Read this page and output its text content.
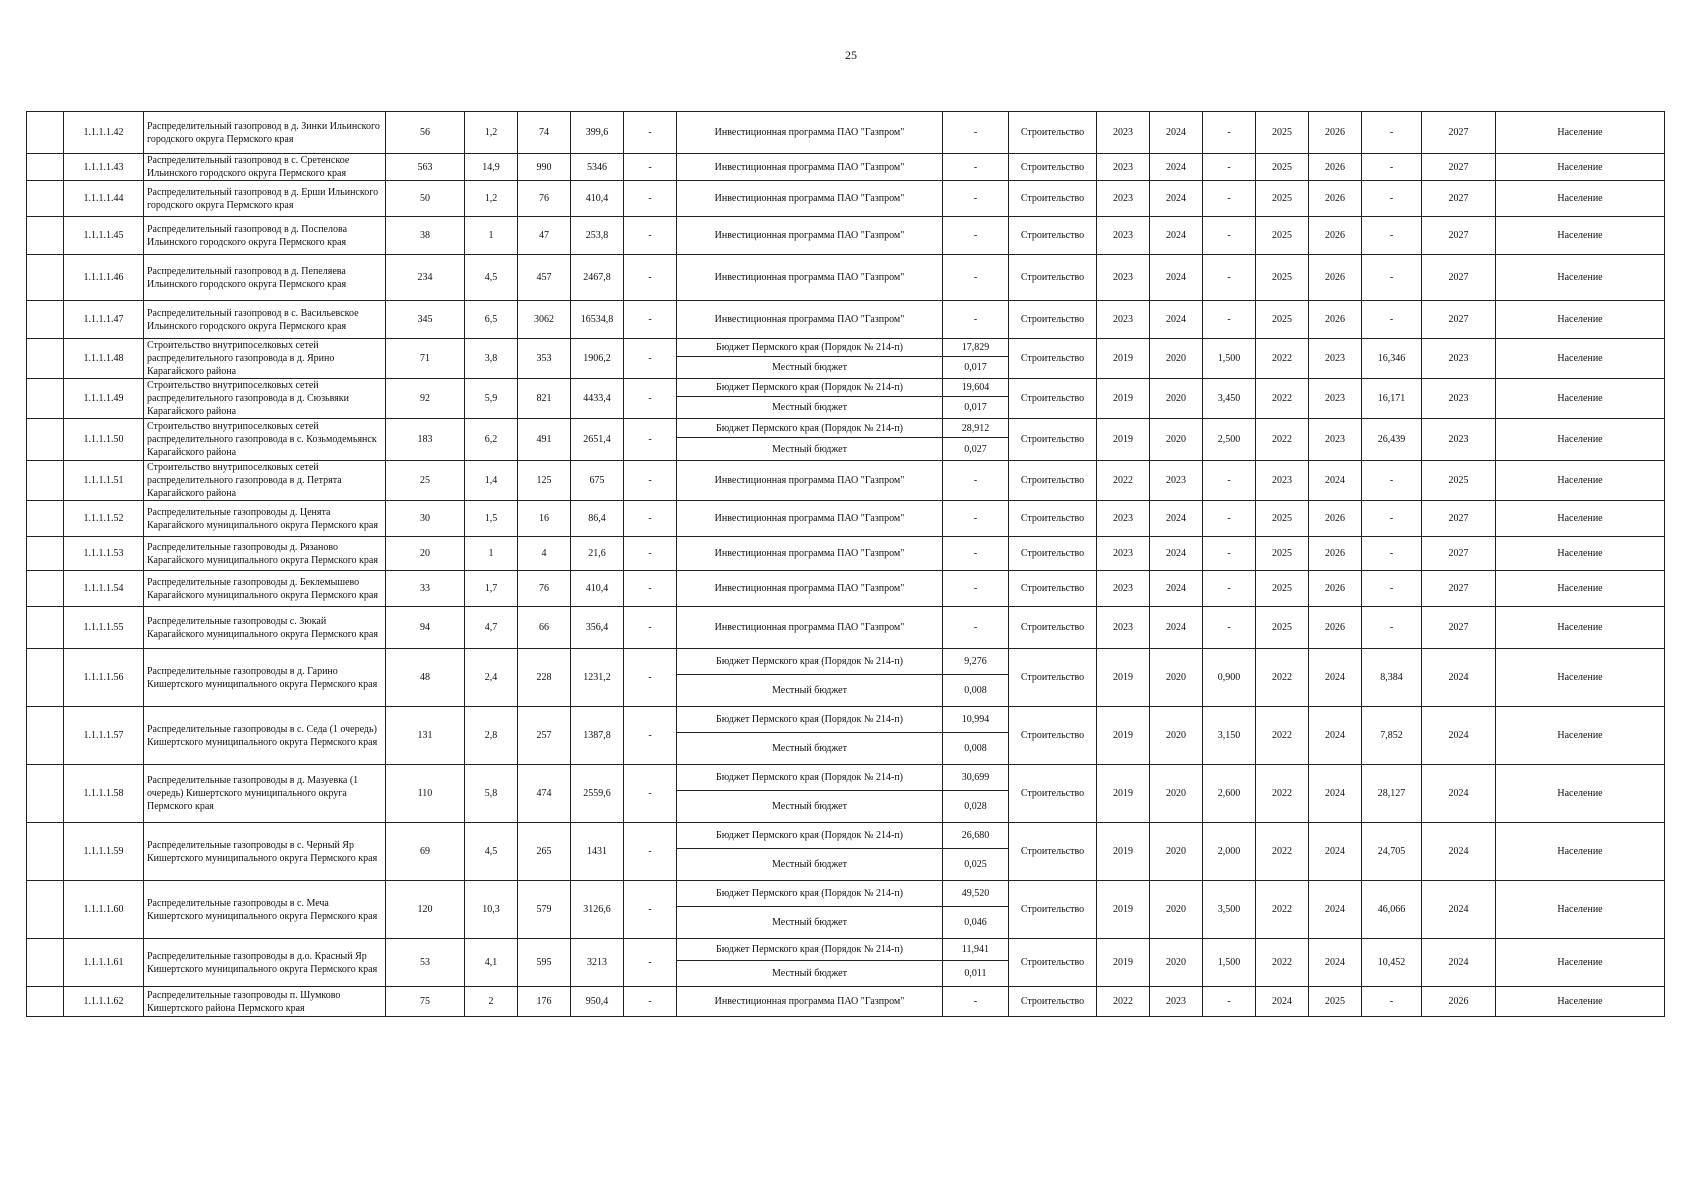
25
	1.1.1.1.42	Распределительный газопровод в д. Зинки Ильинского городского округа Пермского края	56	1,2	74	399,6	-	Инвестиционная программа ПАО "Газпром"	-	Строительство	2023	2024	-	2025	2026	-	2027	Население
	1.1.1.1.43	Распределительный газопровод в с. Сретенское Ильинского городского округа Пермского края	563	14,9	990	5346	-	Инвестиционная программа ПАО "Газпром"	-	Строительство	2023	2024	-	2025	2026	-	2027	Население
	1.1.1.1.44	Распределительный газопровод в д. Ерши Ильинского городского округа Пермского края	50	1,2	76	410,4	-	Инвестиционная программа ПАО "Газпром"	-	Строительство	2023	2024	-	2025	2026	-	2027	Население
	1.1.1.1.45	Распределительный газопровод в д. Поспелова Ильинского городского округа Пермского края	38	1	47	253,8	-	Инвестиционная программа ПАО "Газпром"	-	Строительство	2023	2024	-	2025	2026	-	2027	Население
	1.1.1.1.46	Распределительный газопровод в д. Пепеляева Ильинского городского округа Пермского края	234	4,5	457	2467,8	-	Инвестиционная программа ПАО "Газпром"	-	Строительство	2023	2024	-	2025	2026	-	2027	Население
	1.1.1.1.47	Распределительный газопровод в с. Васильевское Ильинского городского округа Пермского края	345	6,5	3062	16534,8	-	Инвестиционная программа ПАО "Газпром"	-	Строительство	2023	2024	-	2025	2026	-	2027	Население
	1.1.1.1.48	Строительство внутрипоселковых сетей распределительного газопровода в д. Ярино Карагайского района	71	3,8	353	1906,2	-	Бюджет Пермского края (Порядок № 214-п)	17,829	Строительство	2019	2020	1,500	2022	2023	16,346	2023	Население
								Местный бюджет	0,017									
	1.1.1.1.49	Строительство внутрипоселковых сетей распределительного газопровода в д. Сюзьвяки Карагайского района	92	5,9	821	4433,4	-	Бюджет Пермского края (Порядок № 214-п)	19,604	Строительство	2019	2020	3,450	2022	2023	16,171	2023	Население
								Местный бюджет	0,017									
	1.1.1.1.50	Строительство внутрипоселковых сетей распределительного газопровода в с. Козьмодемьянск Карагайского района	183	6,2	491	2651,4	-	Бюджет Пермского края (Порядок № 214-п)	28,912	Строительство	2019	2020	2,500	2022	2023	26,439	2023	Население
								Местный бюджет	0,027									
	1.1.1.1.51	Строительство внутрипоселковых сетей распределительного газопровода в д. Петрята Карагайского района	25	1,4	125	675	-	Инвестиционная программа ПАО "Газпром"	-	Строительство	2022	2023	-	2023	2024	-	2025	Население
	1.1.1.1.52	Распределительные газопроводы д. Ценята Карагайского муниципального округа Пермского края	30	1,5	16	86,4	-	Инвестиционная программа ПАО "Газпром"	-	Строительство	2023	2024	-	2025	2026	-	2027	Население
	1.1.1.1.53	Распределительные газопроводы д. Рязаново Карагайского муниципального округа Пермского края	20	1	4	21,6	-	Инвестиционная программа ПАО "Газпром"	-	Строительство	2023	2024	-	2025	2026	-	2027	Население
	1.1.1.1.54	Распределительные газопроводы д. Беклемышево Карагайского муниципального округа Пермского края	33	1,7	76	410,4	-	Инвестиционная программа ПАО "Газпром"	-	Строительство	2023	2024	-	2025	2026	-	2027	Население
	1.1.1.1.55	Распределительные газопроводы с. Зюкай Карагайского муниципального округа Пермского края	94	4,7	66	356,4	-	Инвестиционная программа ПАО "Газпром"	-	Строительство	2023	2024	-	2025	2026	-	2027	Население
	1.1.1.1.56	Распределительные газопроводы в д. Гарино Кишертского муниципального округа Пермского края	48	2,4	228	1231,2	-	Бюджет Пермского края (Порядок № 214-п)	9,276	Строительство	2019	2020	0,900	2022	2024	8,384	2024	Население
								Местный бюджет	0,008									
	1.1.1.1.57	Распределительные газопроводы в с. Седа (1 очередь) Кишертского муниципального округа Пермского края	131	2,8	257	1387,8	-	Бюджет Пермского края (Порядок № 214-п)	10,994	Строительство	2019	2020	3,150	2022	2024	7,852	2024	Население
								Местный бюджет	0,008									
	1.1.1.1.58	Распределительные газопроводы в д. Мазуевка (1 очередь) Кишертского муниципального округа Пермского края	110	5,8	474	2559,6	-	Бюджет Пермского края (Порядок № 214-п)	30,699	Строительство	2019	2020	2,600	2022	2024	28,127	2024	Население
								Местный бюджет	0,028									
	1.1.1.1.59	Распределительные газопроводы в с. Черный Яр Кишертского муниципального округа Пермского края	69	4,5	265	1431	-	Бюджет Пермского края (Порядок № 214-п)	26,680	Строительство	2019	2020	2,000	2022	2024	24,705	2024	Население
								Местный бюджет	0,025									
	1.1.1.1.60	Распределительные газопроводы в с. Меча Кишертского муниципального округа Пермского края	120	10,3	579	3126,6	-	Бюджет Пермского края (Порядок № 214-п)	49,520	Строительство	2019	2020	3,500	2022	2024	46,066	2024	Население
								Местный бюджет	0,046									
	1.1.1.1.61	Распределительные газопроводы в д.о. Красный Яр Кишертского муниципального округа Пермского края	53	4,1	595	3213	-	Бюджет Пермского края (Порядок № 214-п)	11,941	Строительство	2019	2020	1,500	2022	2024	10,452	2024	Население
								Местный бюджет	0,011									
	1.1.1.1.62	Распределительные газопроводы п. Шумково Кишертского района Пермского края	75	2	176	950,4	-	Инвестиционная программа ПАО "Газпром"	-	Строительство	2022	2023	-	2024	2025	-	2026	Население
